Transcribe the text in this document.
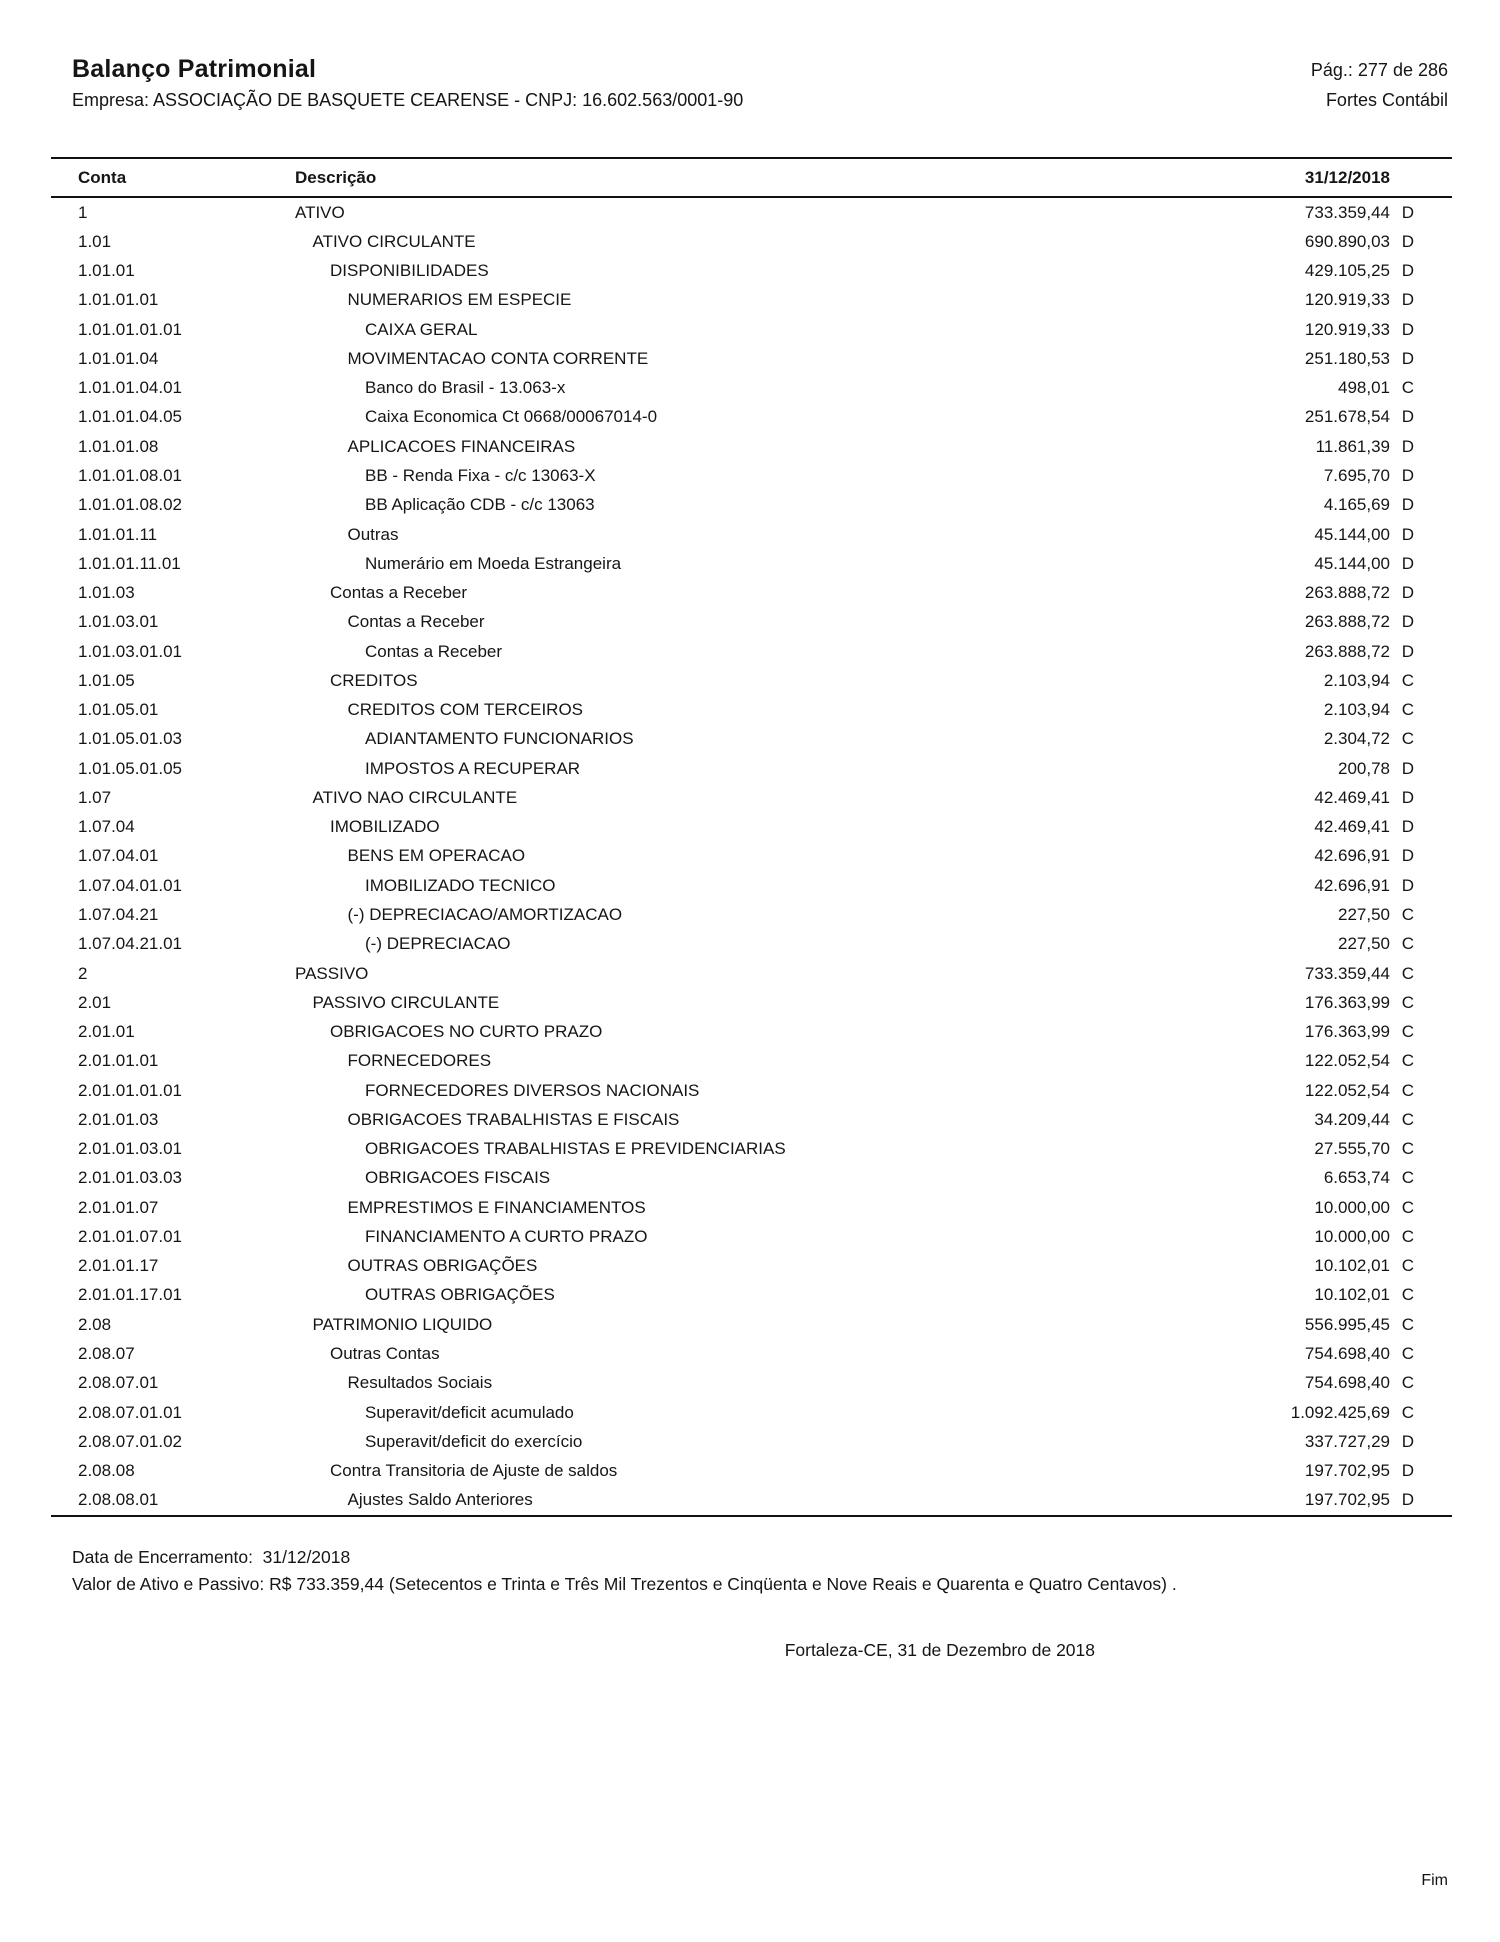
Balanço Patrimonial	Pág.: 277 de 286
Empresa: ASSOCIAÇÃO DE BASQUETE CEARENSE - CNPJ: 16.602.563/0001-90	Fortes Contábil
Conta	Descrição	31/12/2018
1	ATIVO	733.359,44 D
1.01	ATIVO CIRCULANTE	690.890,03 D
1.01.01	DISPONIBILIDADES	429.105,25 D
1.01.01.01	NUMERARIOS EM ESPECIE	120.919,33 D
1.01.01.01.01	CAIXA GERAL	120.919,33 D
1.01.01.04	MOVIMENTACAO CONTA CORRENTE	251.180,53 D
1.01.01.04.01	Banco do Brasil - 13.063-x	498,01 C
1.01.01.04.05	Caixa Economica Ct 0668/00067014-0	251.678,54 D
1.01.01.08	APLICACOES FINANCEIRAS	11.861,39 D
1.01.01.08.01	BB - Renda Fixa - c/c 13063-X	7.695,70 D
1.01.01.08.02	BB Aplicação CDB - c/c 13063	4.165,69 D
1.01.01.11	Outras	45.144,00 D
1.01.01.11.01	Numerário em Moeda Estrangeira	45.144,00 D
1.01.03	Contas a Receber	263.888,72 D
1.01.03.01	Contas a Receber	263.888,72 D
1.01.03.01.01	Contas a Receber	263.888,72 D
1.01.05	CREDITOS	2.103,94 C
1.01.05.01	CREDITOS COM TERCEIROS	2.103,94 C
1.01.05.01.03	ADIANTAMENTO FUNCIONARIOS	2.304,72 C
1.01.05.01.05	IMPOSTOS A RECUPERAR	200,78 D
1.07	ATIVO NAO CIRCULANTE	42.469,41 D
1.07.04	IMOBILIZADO	42.469,41 D
1.07.04.01	BENS EM OPERACAO	42.696,91 D
1.07.04.01.01	IMOBILIZADO TECNICO	42.696,91 D
1.07.04.21	(-) DEPRECIACAO/AMORTIZACAO	227,50 C
1.07.04.21.01	(-) DEPRECIACAO	227,50 C
2	PASSIVO	733.359,44 C
2.01	PASSIVO CIRCULANTE	176.363,99 C
2.01.01	OBRIGACOES NO CURTO PRAZO	176.363,99 C
2.01.01.01	FORNECEDORES	122.052,54 C
2.01.01.01.01	FORNECEDORES DIVERSOS NACIONAIS	122.052,54 C
2.01.01.03	OBRIGACOES TRABALHISTAS E FISCAIS	34.209,44 C
2.01.01.03.01	OBRIGACOES TRABALHISTAS E PREVIDENCIARIAS	27.555,70 C
2.01.01.03.03	OBRIGACOES FISCAIS	6.653,74 C
2.01.01.07	EMPRESTIMOS E FINANCIAMENTOS	10.000,00 C
2.01.01.07.01	FINANCIAMENTO A CURTO PRAZO	10.000,00 C
2.01.01.17	OUTRAS OBRIGAÇÕES	10.102,01 C
2.01.01.17.01	OUTRAS OBRIGAÇÕES	10.102,01 C
2.08	PATRIMONIO LIQUIDO	556.995,45 C
2.08.07	Outras Contas	754.698,40 C
2.08.07.01	Resultados Sociais	754.698,40 C
2.08.07.01.01	Superavit/deficit acumulado	1.092.425,69 C
2.08.07.01.02	Superavit/deficit do exercício	337.727,29 D
2.08.08	Contra Transitoria de Ajuste de saldos	197.702,95 D
2.08.08.01	Ajustes Saldo Anteriores	197.702,95 D
Data de Encerramento:  31/12/2018
Valor de Ativo e Passivo: R$ 733.359,44 (Setecentos e Trinta e Três Mil Trezentos e Cinqüenta e Nove Reais e Quarenta e Quatro Centavos) .
Fortaleza-CE, 31 de Dezembro de 2018
Fim
